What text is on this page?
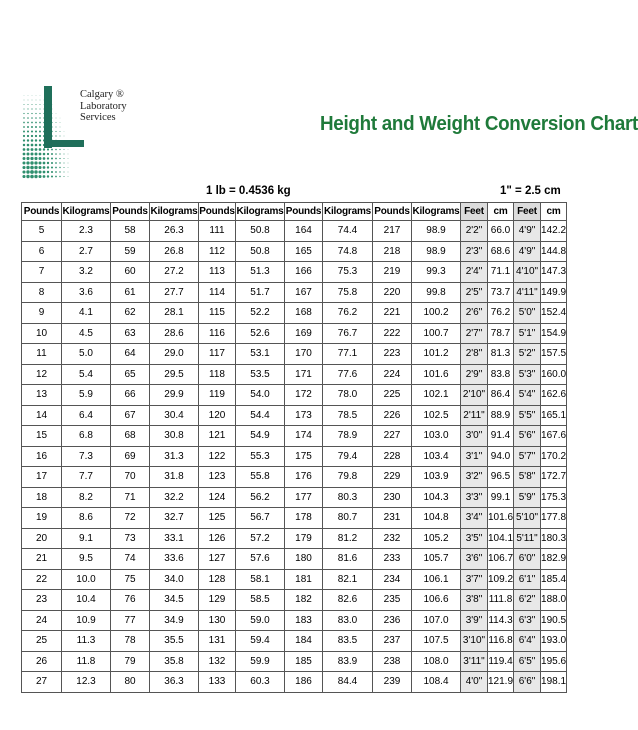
Calgary ®
Laboratory
Services	Height and Weight Conversion Chart
1 lb = 0.4536 kg	1" = 2.5 cm
Pounds	Kilograms	Pounds	Kilograms	Pounds	Kilograms	Pounds	Kilograms	Pounds	Kilograms	Feet	cm	Feet	cm
5	2.3	58	26.3	111	50.8	164	74.4	217	98.9	2'2"	66.0	4'9"	142.2
6	2.7	59	26.8	112	50.8	165	74.8	218	98.9	2'3"	68.6	4'9"	144.8
7	3.2	60	27.2	113	51.3	166	75.3	219	99.3	2'4"	71.1	4'10"	147.3
8	3.6	61	27.7	114	51.7	167	75.8	220	99.8	2'5"	73.7	4'11"	149.9
9	4.1	62	28.1	115	52.2	168	76.2	221	100.2	2'6"	76.2	5'0"	152.4
10	4.5	63	28.6	116	52.6	169	76.7	222	100.7	2'7"	78.7	5'1"	154.9
11	5.0	64	29.0	117	53.1	170	77.1	223	101.2	2'8"	81.3	5'2"	157.5
12	5.4	65	29.5	118	53.5	171	77.6	224	101.6	2'9"	83.8	5'3"	160.0
13	5.9	66	29.9	119	54.0	172	78.0	225	102.1	2'10"	86.4	5'4"	162.6
14	6.4	67	30.4	120	54.4	173	78.5	226	102.5	2'11"	88.9	5'5"	165.1
15	6.8	68	30.8	121	54.9	174	78.9	227	103.0	3'0"	91.4	5'6"	167.6
16	7.3	69	31.3	122	55.3	175	79.4	228	103.4	3'1"	94.0	5'7"	170.2
17	7.7	70	31.8	123	55.8	176	79.8	229	103.9	3'2"	96.5	5'8"	172.7
18	8.2	71	32.2	124	56.2	177	80.3	230	104.3	3'3"	99.1	5'9"	175.3
19	8.6	72	32.7	125	56.7	178	80.7	231	104.8	3'4"	101.6	5'10"	177.8
20	9.1	73	33.1	126	57.2	179	81.2	232	105.2	3'5"	104.1	5'11"	180.3
21	9.5	74	33.6	127	57.6	180	81.6	233	105.7	3'6"	106.7	6'0"	182.9
22	10.0	75	34.0	128	58.1	181	82.1	234	106.1	3'7"	109.2	6'1"	185.4
23	10.4	76	34.5	129	58.5	182	82.6	235	106.6	3'8"	111.8	6'2"	188.0
24	10.9	77	34.9	130	59.0	183	83.0	236	107.0	3'9"	114.3	6'3"	190.5
25	11.3	78	35.5	131	59.4	184	83.5	237	107.5	3'10"	116.8	6'4"	193.0
26	11.8	79	35.8	132	59.9	185	83.9	238	108.0	3'11"	119.4	6'5"	195.6
27	12.3	80	36.3	133	60.3	186	84.4	239	108.4	4'0"	121.9	6'6"	198.1
